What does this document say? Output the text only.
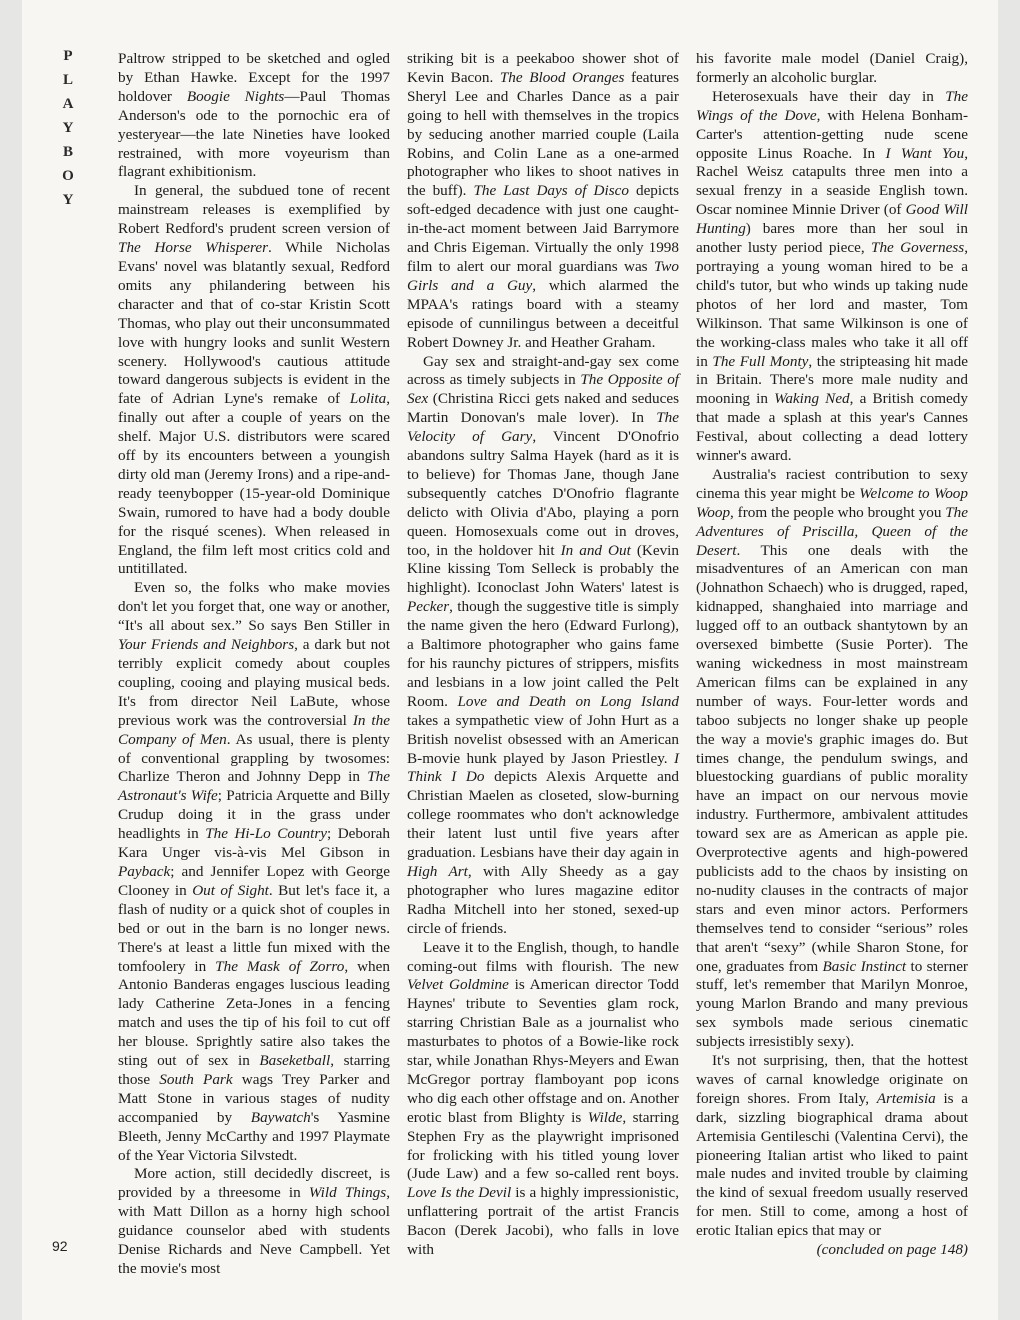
P
L
A
Y
B
O
Y

Paltrow stripped to be sketched and ogled by Ethan Hawke. Except for the 1997 holdover Boogie Nights—Paul Thomas Anderson's ode to the pornochic era of yesteryear—the late Nineties have looked restrained, with more voyeurism than flagrant exhibitionism.

In general, the subdued tone of recent mainstream releases is exemplified by Robert Redford's prudent screen version of The Horse Whisperer. While Nicholas Evans' novel was blatantly sexual, Redford omits any philandering between his character and that of co-star Kristin Scott Thomas, who play out their unconsummated love with hungry looks and sunlit Western scenery. Hollywood's cautious attitude toward dangerous subjects is evident in the fate of Adrian Lyne's remake of Lolita, finally out after a couple of years on the shelf. Major U.S. distributors were scared off by its encounters between a youngish dirty old man (Jeremy Irons) and a ripe-and-ready teenybopper (15-year-old Dominique Swain, rumored to have had a body double for the risqué scenes). When released in England, the film left most critics cold and untitillated.

Even so, the folks who make movies don't let you forget that, one way or another, “It's all about sex.” So says Ben Stiller in Your Friends and Neighbors, a dark but not terribly explicit comedy about couples coupling, cooing and playing musical beds. It's from director Neil LaBute, whose previous work was the controversial In the Company of Men. As usual, there is plenty of conventional grappling by twosomes: Charlize Theron and Johnny Depp in The Astronaut's Wife; Patricia Arquette and Billy Crudup doing it in the grass under headlights in The Hi-Lo Country; Deborah Kara Unger vis-à-vis Mel Gibson in Payback; and Jennifer Lopez with George Clooney in Out of Sight. But let's face it, a flash of nudity or a quick shot of couples in bed or out in the barn is no longer news. There's at least a little fun mixed with the tomfoolery in The Mask of Zorro, when Antonio Banderas engages luscious leading lady Catherine Zeta-Jones in a fencing match and uses the tip of his foil to cut off her blouse. Sprightly satire also takes the sting out of sex in Baseketball, starring those South Park wags Trey Parker and Matt Stone in various stages of nudity accompanied by Baywatch's Yasmine Bleeth, Jenny McCarthy and 1997 Playmate of the Year Victoria Silvstedt.

More action, still decidedly discreet, is provided by a threesome in Wild Things, with Matt Dillon as a horny high school guidance counselor abed with students Denise Richards and Neve Campbell. Yet the movie's most

striking bit is a peekaboo shower shot of Kevin Bacon. The Blood Oranges features Sheryl Lee and Charles Dance as a pair going to hell with themselves in the tropics by seducing another married couple (Laila Robins, and Colin Lane as a one-armed photographer who likes to shoot natives in the buff). The Last Days of Disco depicts soft-edged decadence with just one caught-in-the-act moment between Jaid Barrymore and Chris Eigeman. Virtually the only 1998 film to alert our moral guardians was Two Girls and a Guy, which alarmed the MPAA's ratings board with a steamy episode of cunnilingus between a deceitful Robert Downey Jr. and Heather Graham.

Gay sex and straight-and-gay sex come across as timely subjects in The Opposite of Sex (Christina Ricci gets naked and seduces Martin Donovan's male lover). In The Velocity of Gary, Vincent D'Onofrio abandons sultry Salma Hayek (hard as it is to believe) for Thomas Jane, though Jane subsequently catches D'Onofrio flagrante delicto with Olivia d'Abo, playing a porn queen. Homosexuals come out in droves, too, in the holdover hit In and Out (Kevin Kline kissing Tom Selleck is probably the highlight). Iconoclast John Waters' latest is Pecker, though the suggestive title is simply the name given the hero (Edward Furlong), a Baltimore photographer who gains fame for his raunchy pictures of strippers, misfits and lesbians in a low joint called the Pelt Room. Love and Death on Long Island takes a sympathetic view of John Hurt as a British novelist obsessed with an American B-movie hunk played by Jason Priestley. I Think I Do depicts Alexis Arquette and Christian Maelen as closeted, slow-burning college roommates who don't acknowledge their latent lust until five years after graduation. Lesbians have their day again in High Art, with Ally Sheedy as a gay photographer who lures magazine editor Radha Mitchell into her stoned, sexed-up circle of friends.

Leave it to the English, though, to handle coming-out films with flourish. The new Velvet Goldmine is American director Todd Haynes' tribute to Seventies glam rock, starring Christian Bale as a journalist who masturbates to photos of a Bowie-like rock star, while Jonathan Rhys-Meyers and Ewan McGregor portray flamboyant pop icons who dig each other offstage and on. Another erotic blast from Blighty is Wilde, starring Stephen Fry as the playwright imprisoned for frolicking with his titled young lover (Jude Law) and a few so-called rent boys. Love Is the Devil is a highly impressionistic, unflattering portrait of the artist Francis Bacon (Derek Jacobi), who falls in love with

his favorite male model (Daniel Craig), formerly an alcoholic burglar.

Heterosexuals have their day in The Wings of the Dove, with Helena Bonham-Carter's attention-getting nude scene opposite Linus Roache. In I Want You, Rachel Weisz catapults three men into a sexual frenzy in a seaside English town. Oscar nominee Minnie Driver (of Good Will Hunting) bares more than her soul in another lusty period piece, The Governess, portraying a young woman hired to be a child's tutor, but who winds up taking nude photos of her lord and master, Tom Wilkinson. That same Wilkinson is one of the working-class males who take it all off in The Full Monty, the stripteasing hit made in Britain. There's more male nudity and mooning in Waking Ned, a British comedy that made a splash at this year's Cannes Festival, about collecting a dead lottery winner's award.

Australia's raciest contribution to sexy cinema this year might be Welcome to Woop Woop, from the people who brought you The Adventures of Priscilla, Queen of the Desert. This one deals with the misadventures of an American con man (Johnathon Schaech) who is drugged, raped, kidnapped, shanghaied into marriage and lugged off to an outback shantytown by an oversexed bimbette (Susie Porter). The waning wickedness in most mainstream American films can be explained in any number of ways. Four-letter words and taboo subjects no longer shake up people the way a movie's graphic images do. But times change, the pendulum swings, and bluestocking guardians of public morality have an impact on our nervous movie industry. Furthermore, ambivalent attitudes toward sex are as American as apple pie. Overprotective agents and high-powered publicists add to the chaos by insisting on no-nudity clauses in the contracts of major stars and even minor actors. Performers themselves tend to consider “serious” roles that aren't “sexy” (while Sharon Stone, for one, graduates from Basic Instinct to sterner stuff, let's remember that Marilyn Monroe, young Marlon Brando and many previous sex symbols made serious cinematic subjects irresistibly sexy).

It's not surprising, then, that the hottest waves of carnal knowledge originate on foreign shores. From Italy, Artemisia is a dark, sizzling biographical drama about Artemisia Gentileschi (Valentina Cervi), the pioneering Italian artist who liked to paint male nudes and invited trouble by claiming the kind of sexual freedom usually reserved for men. Still to come, among a host of erotic Italian epics that may or

(concluded on page 148)

92
